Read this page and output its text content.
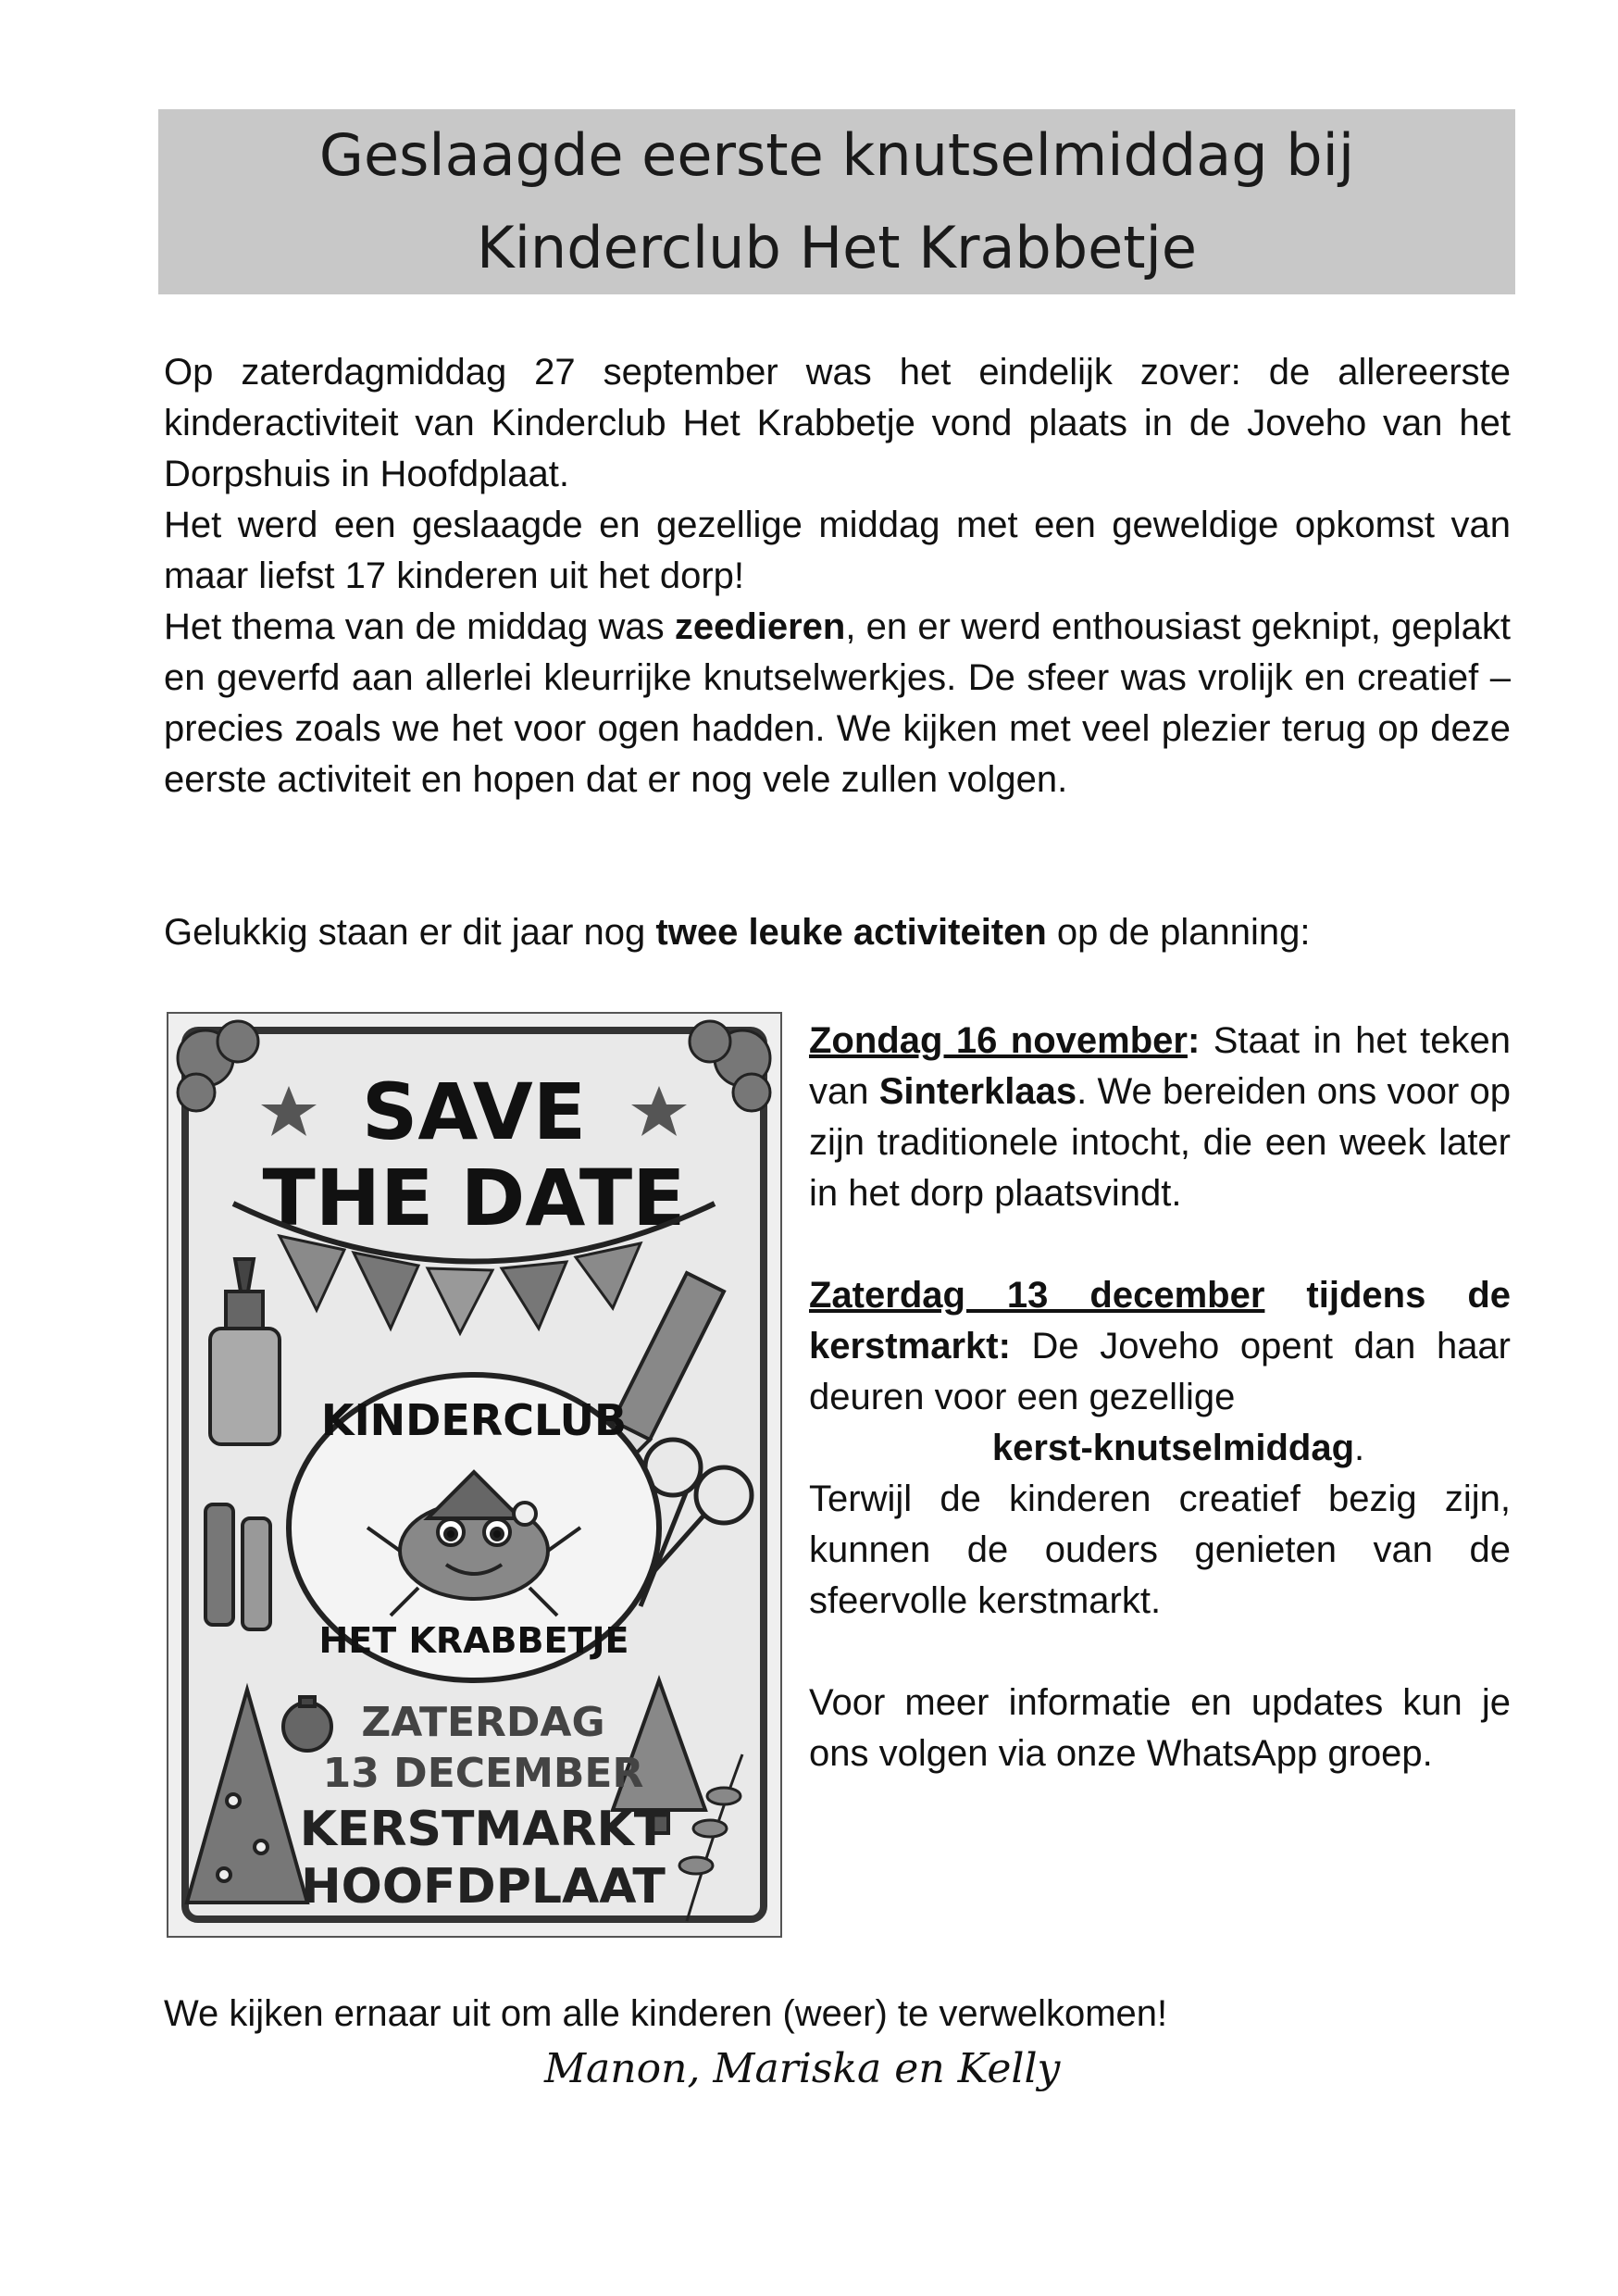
Geslaagde eerste knutselmiddag bij
Kinderclub Het Krabbetje

Op zaterdagmiddag 27 september was het eindelijk zover: de allereerste kinderactiviteit van Kinderclub Het Krabbetje vond plaats in de Joveho van het Dorpshuis in Hoofdplaat.

Het werd een geslaagde en gezellige middag met een geweldige opkomst van maar liefst 17 kinderen uit het dorp!

Het thema van de middag was zeedieren, en er werd enthousiast geknipt, geplakt en geverfd aan allerlei kleurrijke knutselwerkjes. De sfeer was vrolijk en creatief – precies zoals we het voor ogen hadden. We kijken met veel plezier terug op deze eerste activiteit en hopen dat er nog vele zullen volgen.

Gelukkig staan er dit jaar nog twee leuke activiteiten op de planning:
SAVE
THE DATE
KINDERCLUB
HET KRABBETJE
ZATERDAG
13 DECEMBER
KERSTMARKT
HOOFDPLAAT

Zondag 16 november: Staat in het teken van Sinterklaas. We bereiden ons voor op zijn traditionele intocht, die een week later in het dorp plaatsvindt.

Zaterdag 13 december tijdens de kerstmarkt: De Joveho opent dan haar deuren voor een gezellige

kerst-knutselmiddag.

Terwijl de kinderen creatief bezig zijn, kunnen de ouders genieten van de sfeervolle kerstmarkt.

Voor meer informatie en updates kun je ons volgen via onze WhatsApp groep.

We kijken ernaar uit om alle kinderen (weer) te verwelkomen!
Manon, Mariska en Kelly
